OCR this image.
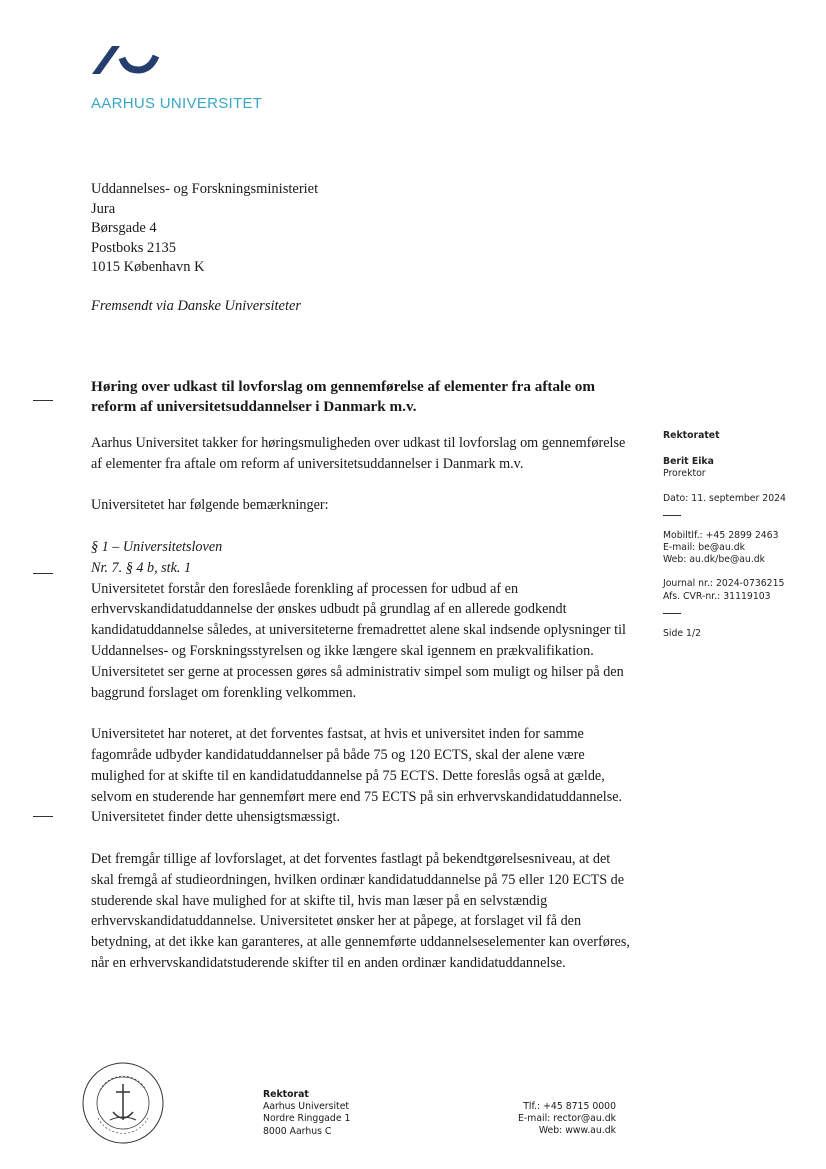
AARHUS UNIVERSITET
Uddannelses- og Forskningsministeriet
Jura
Børsgade 4
Postboks 2135
1015 København K
Fremsendt via Danske Universiteter
Høring over udkast til lovforslag om gennemførelse af elementer fra aftale om reform af universitetsuddannelser i Danmark m.v.

Aarhus Universitet takker for høringsmuligheden over udkast til lovforslag om gennemførelse af elementer fra aftale om reform af universitetsuddannelser i Danmark m.v.

Universitetet har følgende bemærkninger:

§ 1 – Universitetsloven

Nr. 7. § 4 b, stk. 1

Universitetet forstår den foreslåede forenkling af processen for udbud af en erhvervskandidatuddannelse der ønskes udbudt på grundlag af en allerede godkendt kandidatuddannelse således, at universiteterne fremadrettet alene skal indsende oplysninger til Uddannelses- og Forskningsstyrelsen og ikke længere skal igennem en prækvalifikation. Universitetet ser gerne at processen gøres så administrativ simpel som muligt og hilser på den baggrund forslaget om forenkling velkommen.

Universitetet har noteret, at det forventes fastsat, at hvis et universitet inden for samme fagområde udbyder kandidatuddannelser på både 75 og 120 ECTS, skal der alene være mulighed for at skifte til en kandidatuddannelse på 75 ECTS. Dette foreslås også at gælde, selvom en studerende har gennemført mere end 75 ECTS på sin erhvervskandidatuddannelse. Universitetet finder dette uhensigtsmæssigt.

Det fremgår tillige af lovforslaget, at det forventes fastlagt på bekendtgørelsesniveau, at det skal fremgå af studieordningen, hvilken ordinær kandidatuddannelse på 75 eller 120 ECTS de studerende skal have mulighed for at skifte til, hvis man læser på en selvstændig erhvervskandidatuddannelse. Universitetet ønsker her at påpege, at forslaget vil få den betydning, at det ikke kan garanteres, at alle gennemførte uddannelseselementer kan overføres, når en erhvervskandidatstuderende skifter til en anden ordinær kandidatuddannelse.

Rektoratet
Berit Eika
Prorektor
Dato: 11. september 2024
Mobiltlf.: +45 2899 2463
E-mail: be@au.dk
Web: au.dk/be@au.dk
Journal nr.: 2024-0736215
Afs. CVR-nr.: 31119103
Side 1/2
Rektorat
Aarhus Universitet
Nordre Ringgade 1
8000 Aarhus C
Tlf.: +45 8715 0000
E-mail: rector@au.dk
Web: www.au.dk
